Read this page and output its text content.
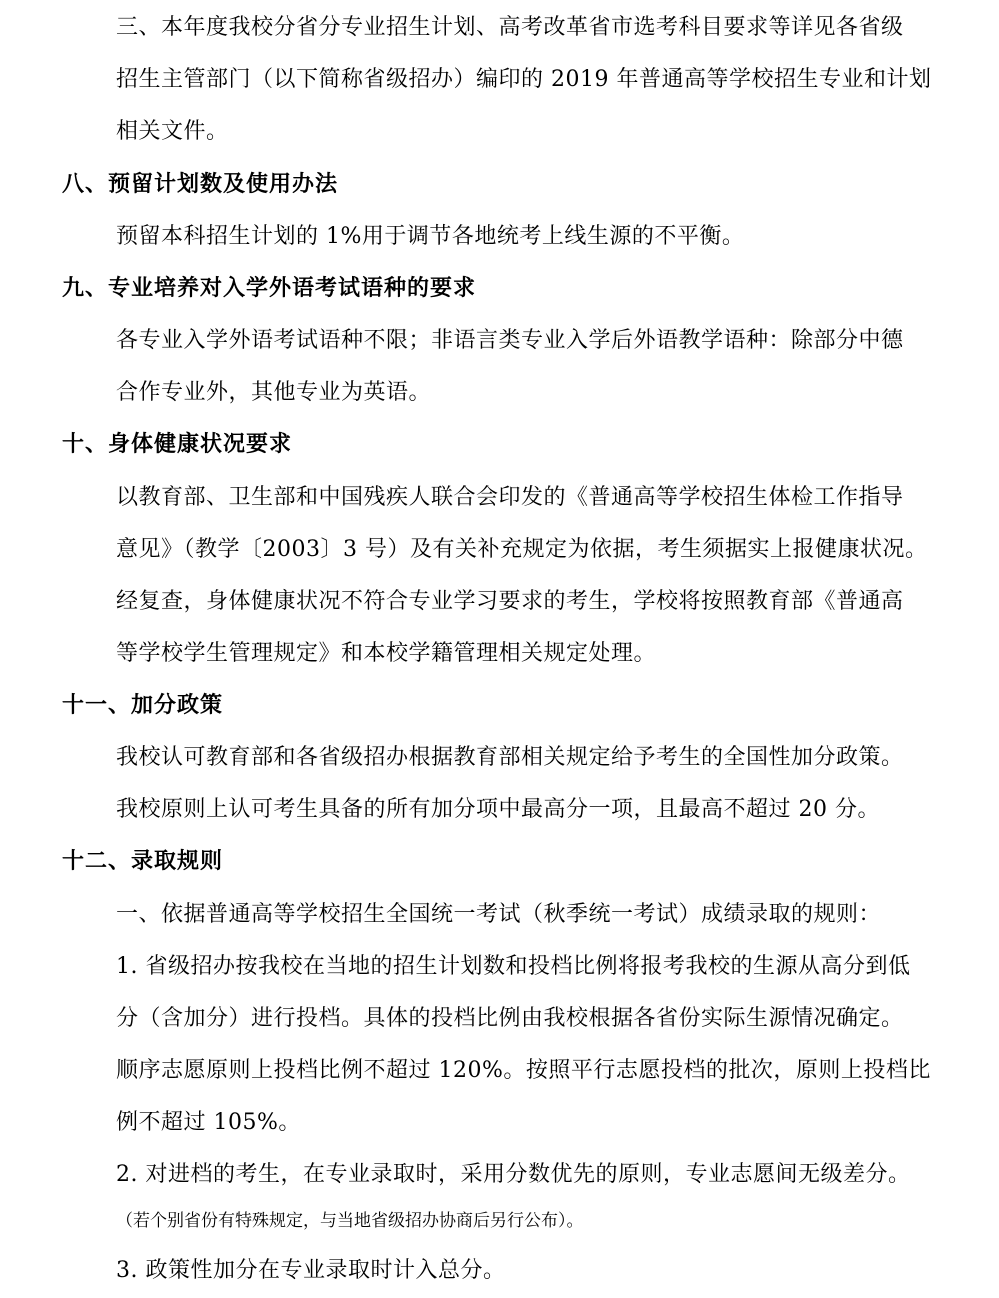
三、本年度我校分省分专业招生计划、高考改革省市选考科目要求等详见各省级
招生主管部门（以下简称省级招办）编印的 2019 年普通高等学校招生专业和计划
相关文件。
八、预留计划数及使用办法
预留本科招生计划的 1%用于调节各地统考上线生源的不平衡。
九、专业培养对入学外语考试语种的要求
各专业入学外语考试语种不限；非语言类专业入学后外语教学语种：除部分中德
合作专业外，其他专业为英语。
十、身体健康状况要求
以教育部、卫生部和中国残疾人联合会印发的《普通高等学校招生体检工作指导
意见》（教学〔2003〕3 号）及有关补充规定为依据，考生须据实上报健康状况。
经复查，身体健康状况不符合专业学习要求的考生，学校将按照教育部《普通高
等学校学生管理规定》和本校学籍管理相关规定处理。
十一、加分政策
我校认可教育部和各省级招办根据教育部相关规定给予考生的全国性加分政策。
我校原则上认可考生具备的所有加分项中最高分一项，且最高不超过 20 分。
十二、录取规则
一、依据普通高等学校招生全国统一考试（秋季统一考试）成绩录取的规则：
1. 省级招办按我校在当地的招生计划数和投档比例将报考我校的生源从高分到低
分（含加分）进行投档。具体的投档比例由我校根据各省份实际生源情况确定。
顺序志愿原则上投档比例不超过 120%。按照平行志愿投档的批次，原则上投档比
例不超过 105%。
2. 对进档的考生，在专业录取时，采用分数优先的原则，专业志愿间无级差分。
（若个别省份有特殊规定，与当地省级招办协商后另行公布）。
3. 政策性加分在专业录取时计入总分。
